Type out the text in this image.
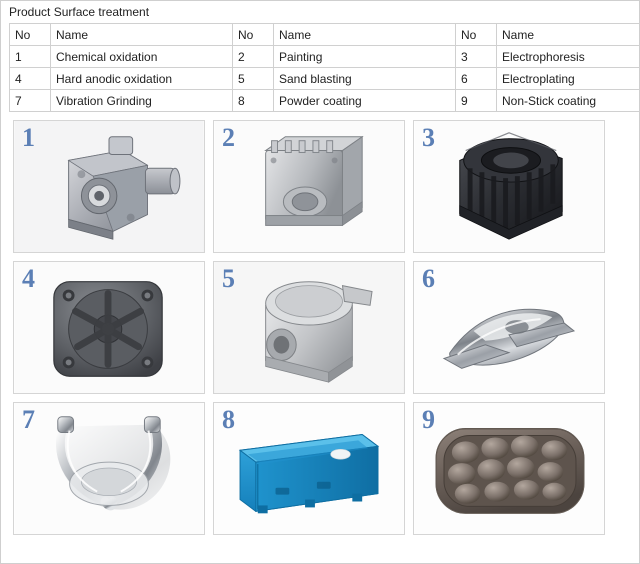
Product Surface treatment
No	Name	No	Name	No	Name
1	Chemical oxidation	2	Painting	3	Electrophoresis
4	Hard anodic oxidation	5	Sand blasting	6	Electroplating
7	Vibration Grinding	8	Powder coating	9	Non-Stick coating
1	2	3
4	5	6
7	8	9
